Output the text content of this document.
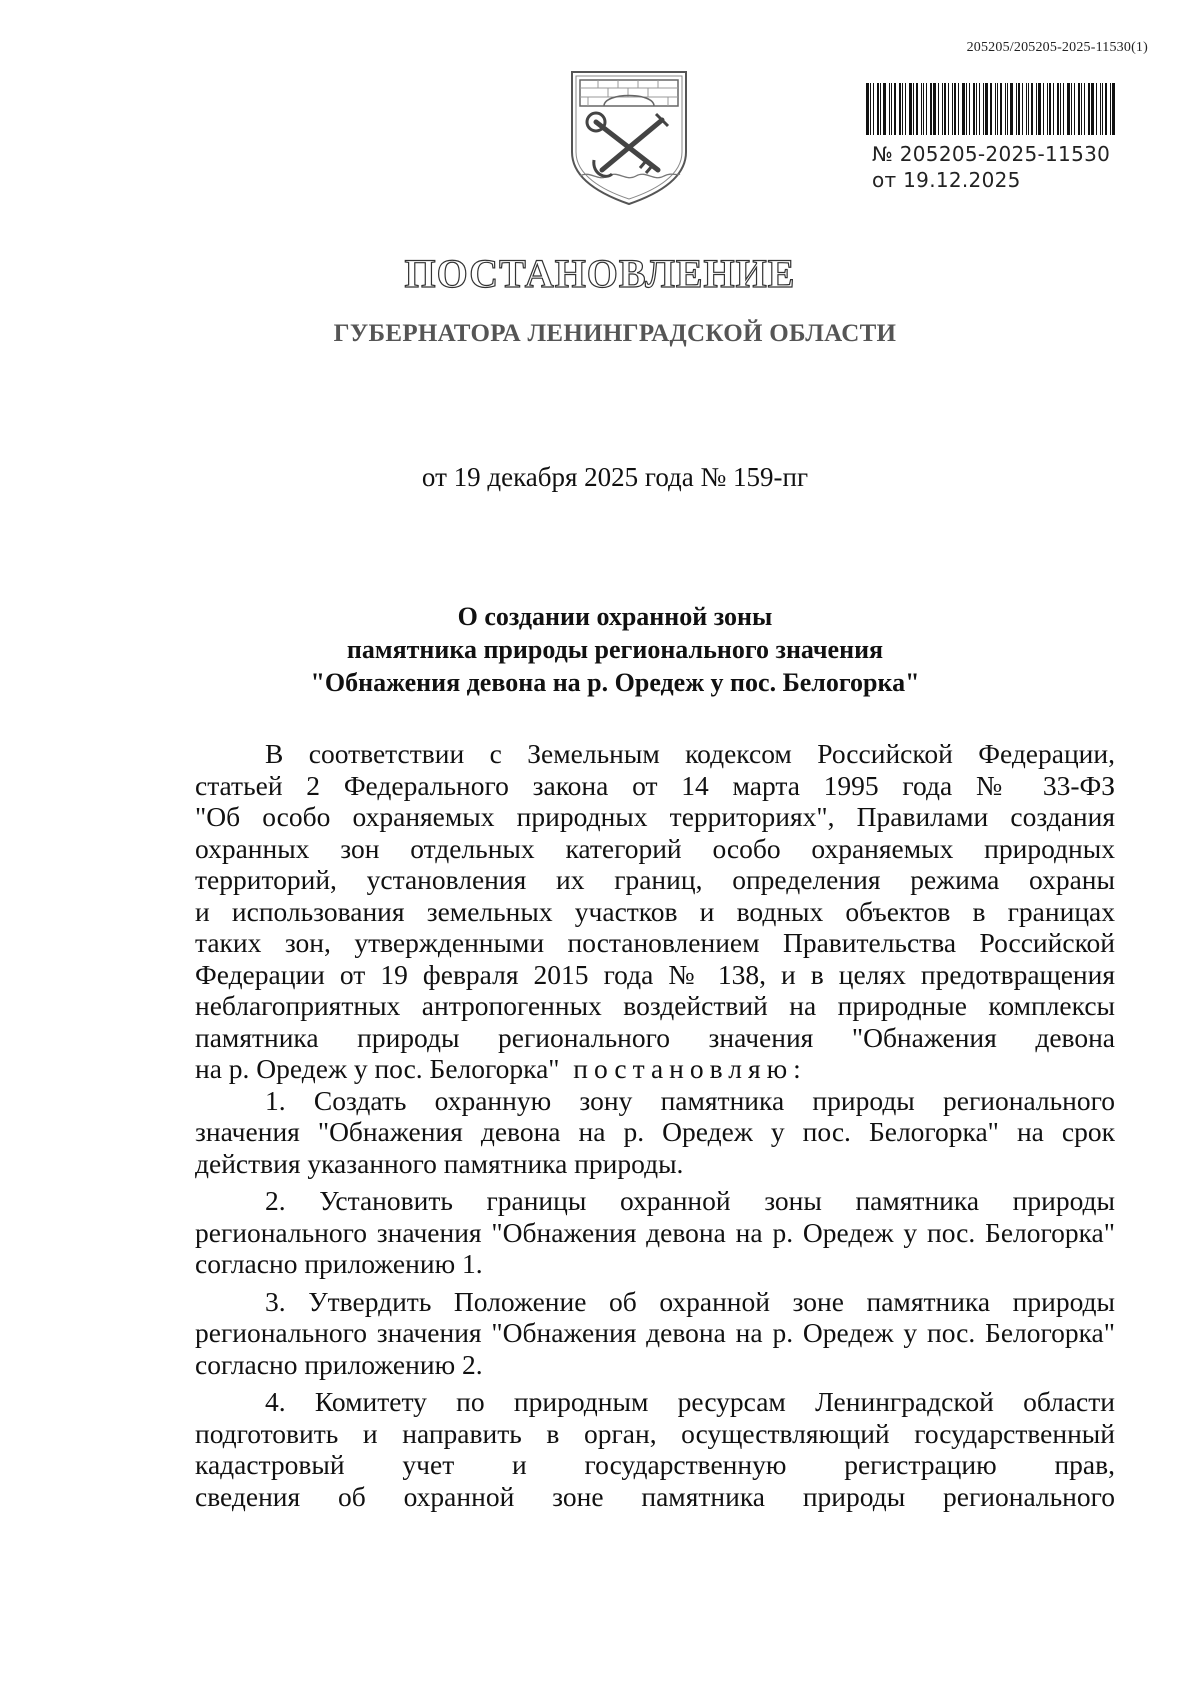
205205/205205-2025-11530(1)
№ 205205-2025-11530
от 19.12.2025
ПОСТАНОВЛЕНИЕ
ГУБЕРНАТОРА ЛЕНИНГРАДСКОЙ ОБЛАСТИ
от 19 декабря 2025 года № 159-пг
О создании охранной зоны
памятника природы регионального значения
"Обнажения девона на р. Оредеж у пос. Белогорка"
В соответствии с Земельным кодексом Российской Федерации,
статьей 2 Федерального закона от 14 марта 1995 года № 33-ФЗ
"Об особо охраняемых природных территориях", Правилами создания
охранных зон отдельных категорий особо охраняемых природных
территорий, установления их границ, определения режима охраны
и использования земельных участков и водных объектов в границах
таких зон, утвержденными постановлением Правительства Российской
Федерации от 19 февраля 2015 года № 138, и в целях предотвращения
неблагоприятных антропогенных воздействий на природные комплексы
памятника природы регионального значения "Обнажения девона
на р. Оредеж у пос. Белогорка" постановляю:
1. Создать охранную зону памятника природы регионального
значения "Обнажения девона на р. Оредеж у пос. Белогорка" на срок
действия указанного памятника природы.
2. Установить границы охранной зоны памятника природы
регионального значения "Обнажения девона на р. Оредеж у пос. Белогорка"
согласно приложению 1.
3. Утвердить Положение об охранной зоне памятника природы
регионального значения "Обнажения девона на р. Оредеж у пос. Белогорка"
согласно приложению 2.
4. Комитету по природным ресурсам Ленинградской области
подготовить и направить в орган, осуществляющий государственный
кадастровый учет и государственную регистрацию прав,
сведения об охранной зоне памятника природы регионального
